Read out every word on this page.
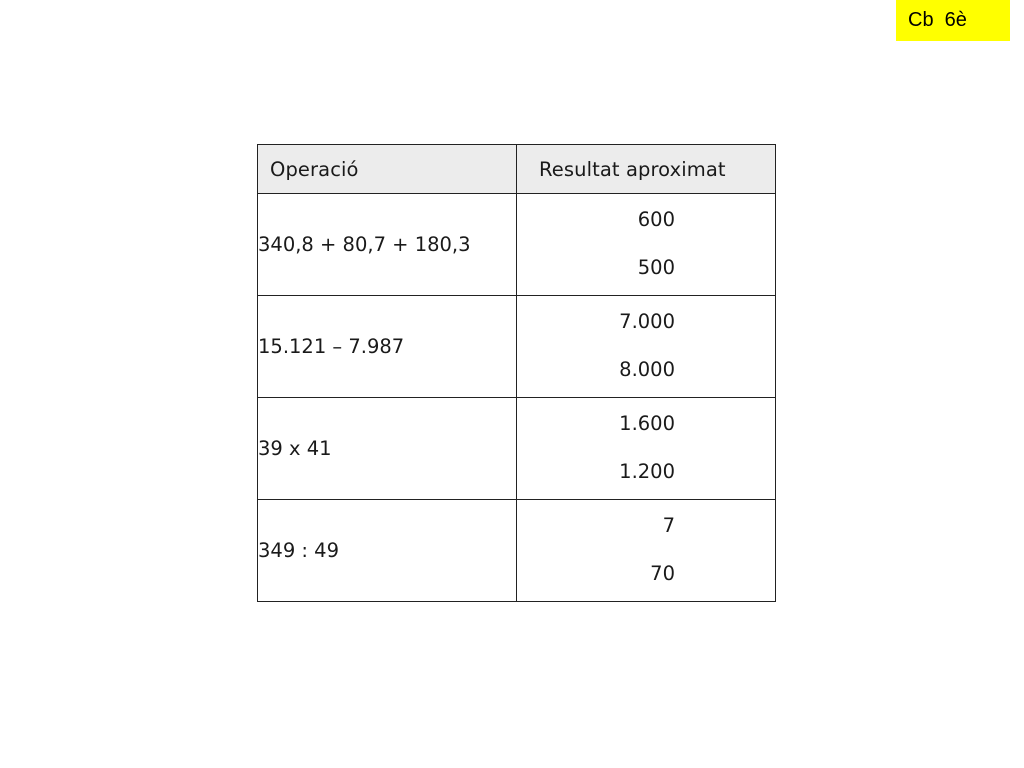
Cb  6è
Operació	Resultat aproximat
340,8 + 80,7 + 180,3	600
500

15.121 – 7.987	7.000
8.000

39 x 41	1.600
1.200

349 : 49	7
70
